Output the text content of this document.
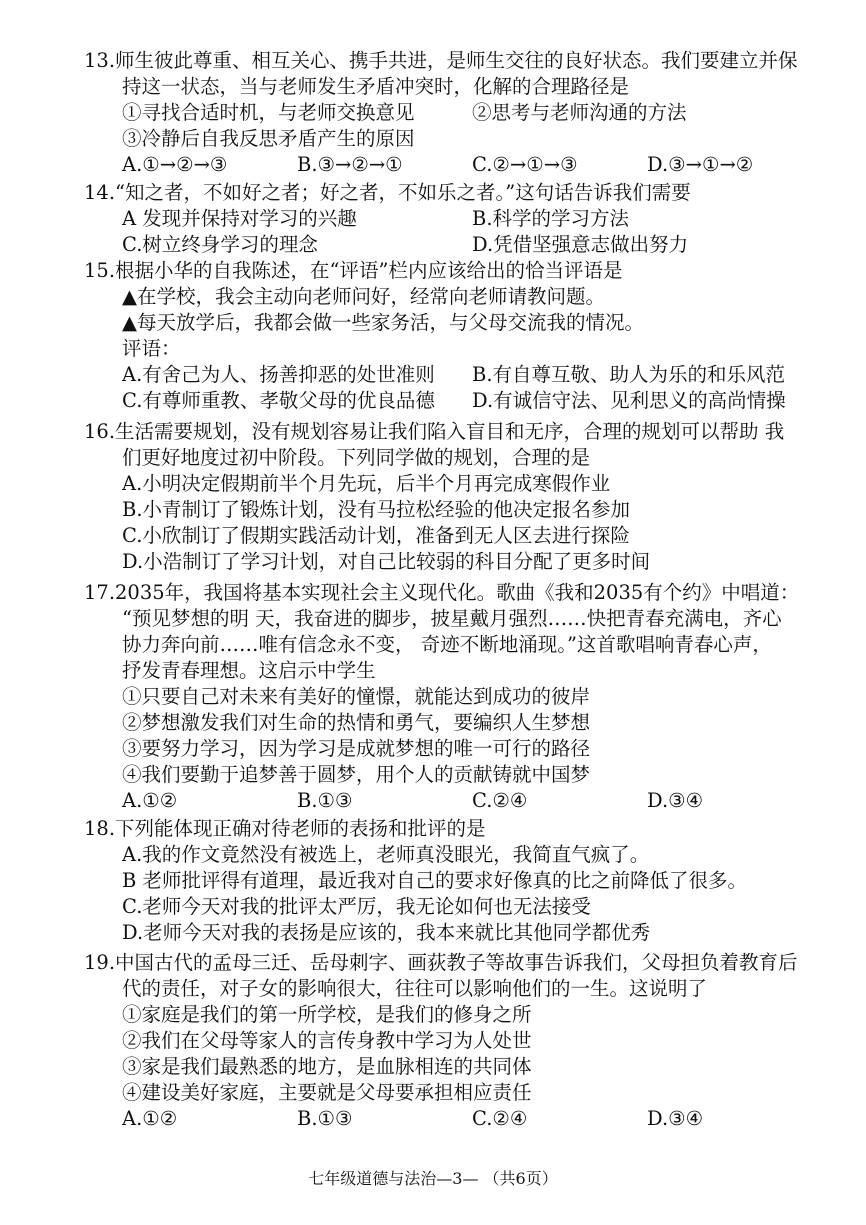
13.师生彼此尊重、相互关心、携手共进，是师生交往的良好状态。我们要建立并保
持这一状态，当与老师发生矛盾冲突时，化解的合理路径是
①寻找合适时机，与老师交换意见	②思考与老师沟通的方法
③冷静后自我反思矛盾产生的原因
A.①→②→③	B.③→②→①	C.②→①→③	D.③→①→②
14.“知之者，不如好之者；好之者，不如乐之者。”这句话告诉我们需要
A 发现并保持对学习的兴趣	B.科学的学习方法
C.树立终身学习的理念	D.凭借坚强意志做出努力
15.根据小华的自我陈述，在“评语”栏内应该给出的恰当评语是
▲在学校，我会主动向老师问好，经常向老师请教问题。
▲每天放学后，我都会做一些家务活，与父母交流我的情况。
评语：
A.有舍己为人、扬善抑恶的处世准则	B.有自尊互敬、助人为乐的和乐风范
C.有尊师重教、孝敬父母的优良品德	D.有诚信守法、见利思义的高尚情操
16.生活需要规划，没有规划容易让我们陷入盲目和无序，合理的规划可以帮助 我
们更好地度过初中阶段。下列同学做的规划，合理的是
A.小明决定假期前半个月先玩，后半个月再完成寒假作业
B.小青制订了锻炼计划，没有马拉松经验的他决定报名参加
C.小欣制订了假期实践活动计划，准备到无人区去进行探险
D.小浩制订了学习计划，对自己比较弱的科目分配了更多时间
17.2035年，我国将基本实现社会主义现代化。歌曲《我和2035有个约》中唱道：
“预见梦想的明 天，我奋进的脚步，披星戴月强烈……快把青春充满电，齐心
协力奔向前……唯有信念永不变， 奇迹不断地涌现。”这首歌唱响青春心声，
抒发青春理想。这启示中学生
①只要自己对未来有美好的憧憬，就能达到成功的彼岸
②梦想激发我们对生命的热情和勇气，要编织人生梦想
③要努力学习，因为学习是成就梦想的唯一可行的路径
④我们要勤于追梦善于圆梦，用个人的贡献铸就中国梦
A.①②	B.①③	C.②④	D.③④
18.下列能体现正确对待老师的表扬和批评的是
A.我的作文竟然没有被选上，老师真没眼光，我简直气疯了。
B 老师批评得有道理，最近我对自己的要求好像真的比之前降低了很多。
C.老师今天对我的批评太严厉，我无论如何也无法接受
D.老师今天对我的表扬是应该的，我本来就比其他同学都优秀
19.中国古代的孟母三迁、岳母刺字、画荻教子等故事告诉我们，父母担负着教育后
代的责任，对子女的影响很大，往往可以影响他们的一生。这说明了
①家庭是我们的第一所学校，是我们的修身之所
②我们在父母等家人的言传身教中学习为人处世
③家是我们最熟悉的地方，是血脉相连的共同体
④建设美好家庭，主要就是父母要承担相应责任
A.①②	B.①③	C.②④	D.③④
七年级道德与法治—3— （共6页）
